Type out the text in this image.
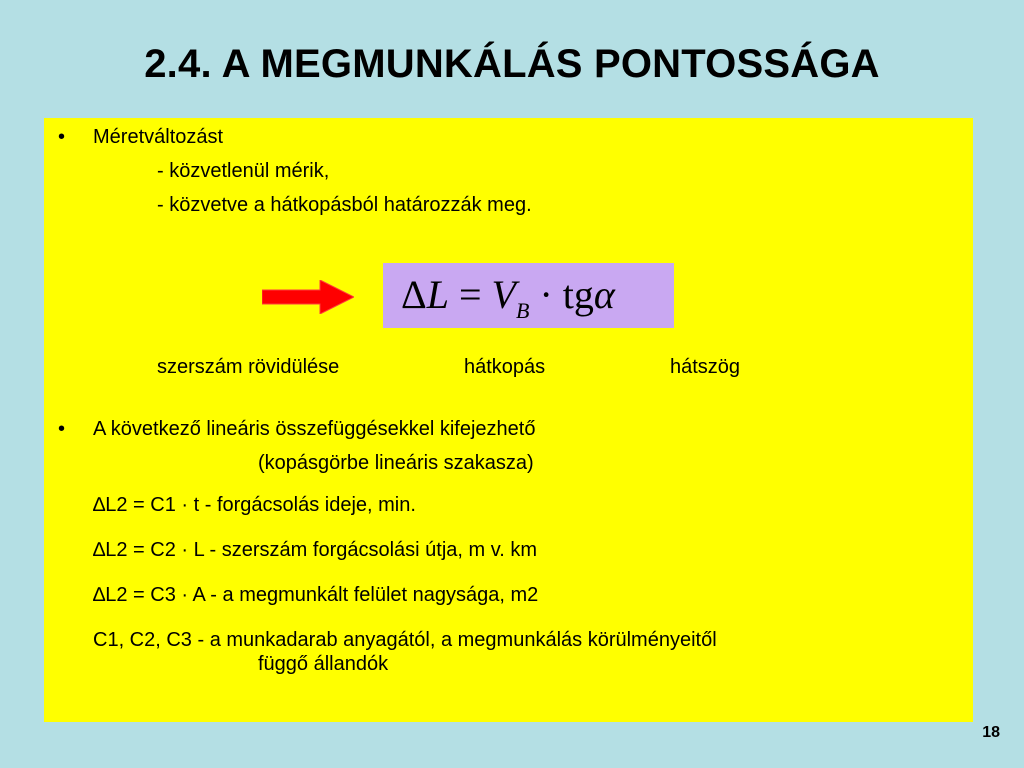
2.4. A MEGMUNKÁLÁS PONTOSSÁGA
• Méretváltozást
- közvetlenül mérik,
- közvetve a hátkopásból határozzák meg.
$\Delta L = V_B \cdot tg\alpha$
szerszám rövidülése	hátkopás	hátszög
• A következő lineáris összefüggésekkel kifejezhető
(kopásgörbe lineáris szakasza)
∆L2 = C1 · t - forgácsolás ideje, min.
∆L2 = C2 · L - szerszám forgácsolási útja, m v. km
∆L2 = C3 · A - a megmunkált felület nagysága, m2
C1, C2, C3 - a munkadarab anyagától, a megmunkálás körülményeitől
függő állandók
18
